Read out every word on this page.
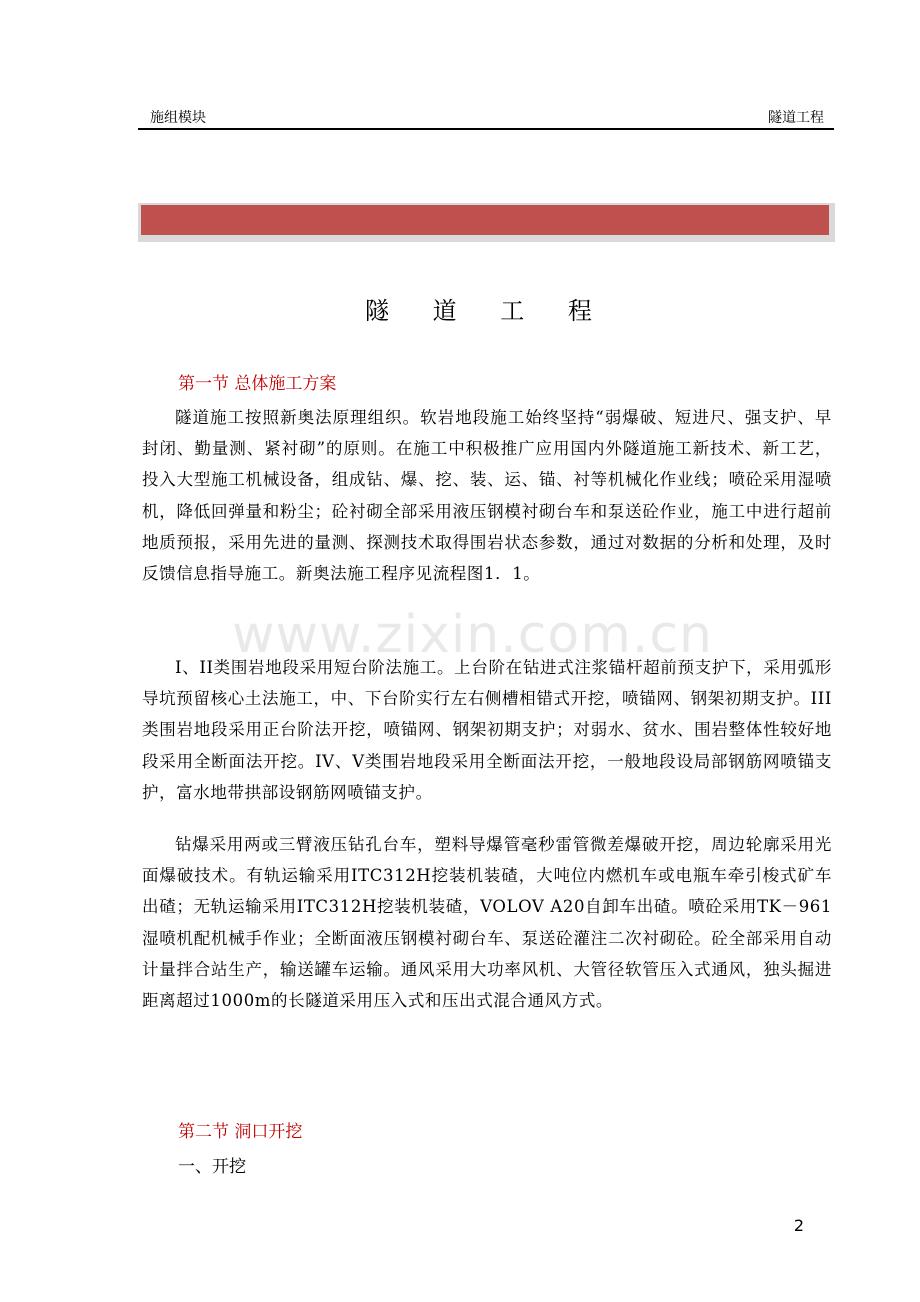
施组模块	隧道工程
隧 道 工 程
第一节 总体施工方案

隧道施工按照新奥法原理组织。软岩地段施工始终坚持“弱爆破、短进尺、强支护、早封闭、勤量测、紧衬砌”的原则。在施工中积极推广应用国内外隧道施工新技术、新工艺，投入大型施工机械设备，组成钻、爆、挖、装、运、锚、衬等机械化作业线；喷砼采用湿喷机，降低回弹量和粉尘；砼衬砌全部采用液压钢模衬砌台车和泵送砼作业，施工中进行超前地质预报，采用先进的量测、探测技术取得围岩状态参数，通过对数据的分析和处理，及时反馈信息指导施工。新奥法施工程序见流程图1．1。

I、II类围岩地段采用短台阶法施工。上台阶在钻进式注浆锚杆超前预支护下，采用弧形导坑预留核心土法施工，中、下台阶实行左右侧槽相错式开挖，喷锚网、钢架初期支护。III类围岩地段采用正台阶法开挖，喷锚网、钢架初期支护；对弱水、贫水、围岩整体性较好地段采用全断面法开挖。IV、V类围岩地段采用全断面法开挖，一般地段设局部钢筋网喷锚支护，富水地带拱部设钢筋网喷锚支护。

钻爆采用两或三臂液压钻孔台车，塑料导爆管毫秒雷管微差爆破开挖，周边轮廓采用光面爆破技术。有轨运输采用ITC312H挖装机装碴，大吨位内燃机车或电瓶车牵引梭式矿车出碴；无轨运输采用ITC312H挖装机装碴，VOLOV A20自卸车出碴。喷砼采用TK－961湿喷机配机械手作业；全断面液压钢模衬砌台车、泵送砼灌注二次衬砌砼。砼全部采用自动计量拌合站生产，输送罐车运输。通风采用大功率风机、大管径软管压入式通风，独头掘进距离超过1000m的长隧道采用压入式和压出式混合通风方式。

第二节 洞口开挖
一、开挖
www.zixin.com.cn
2
